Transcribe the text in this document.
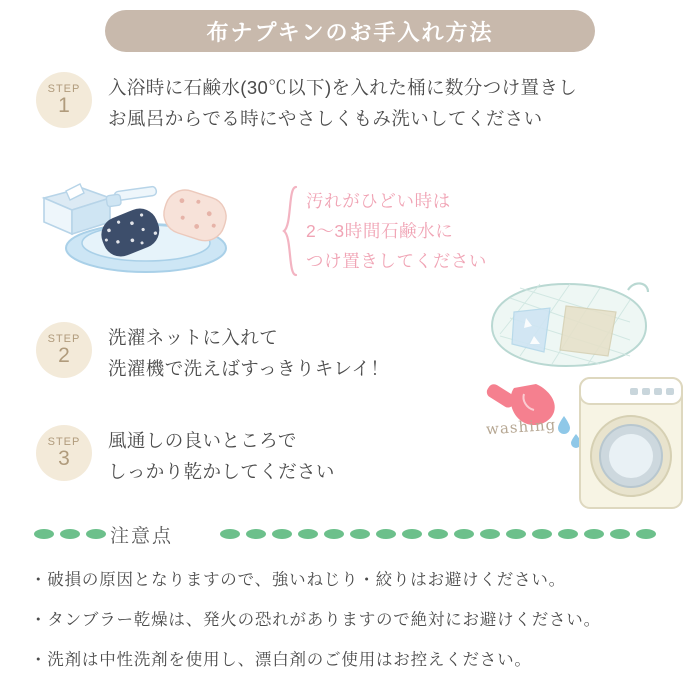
布ナプキンのお手入れ方法
STEP
1
入浴時に石鹸水(30℃以下)を入れた桶に数分つけ置きし
お風呂からでる時にやさしくもみ洗いしてください
汚れがひどい時は
2〜3時間石鹸水に
つけ置きしてください
STEP
2
洗濯ネットに入れて
洗濯機で洗えばすっきりキレイ！
washing
STEP
3
風通しの良いところで
しっかり乾かしてください
注意点
・破損の原因となりますので、強いねじり・絞りはお避けください。
・タンブラー乾燥は、発火の恐れがありますので絶対にお避けください。
・洗剤は中性洗剤を使用し、漂白剤のご使用はお控えください。
